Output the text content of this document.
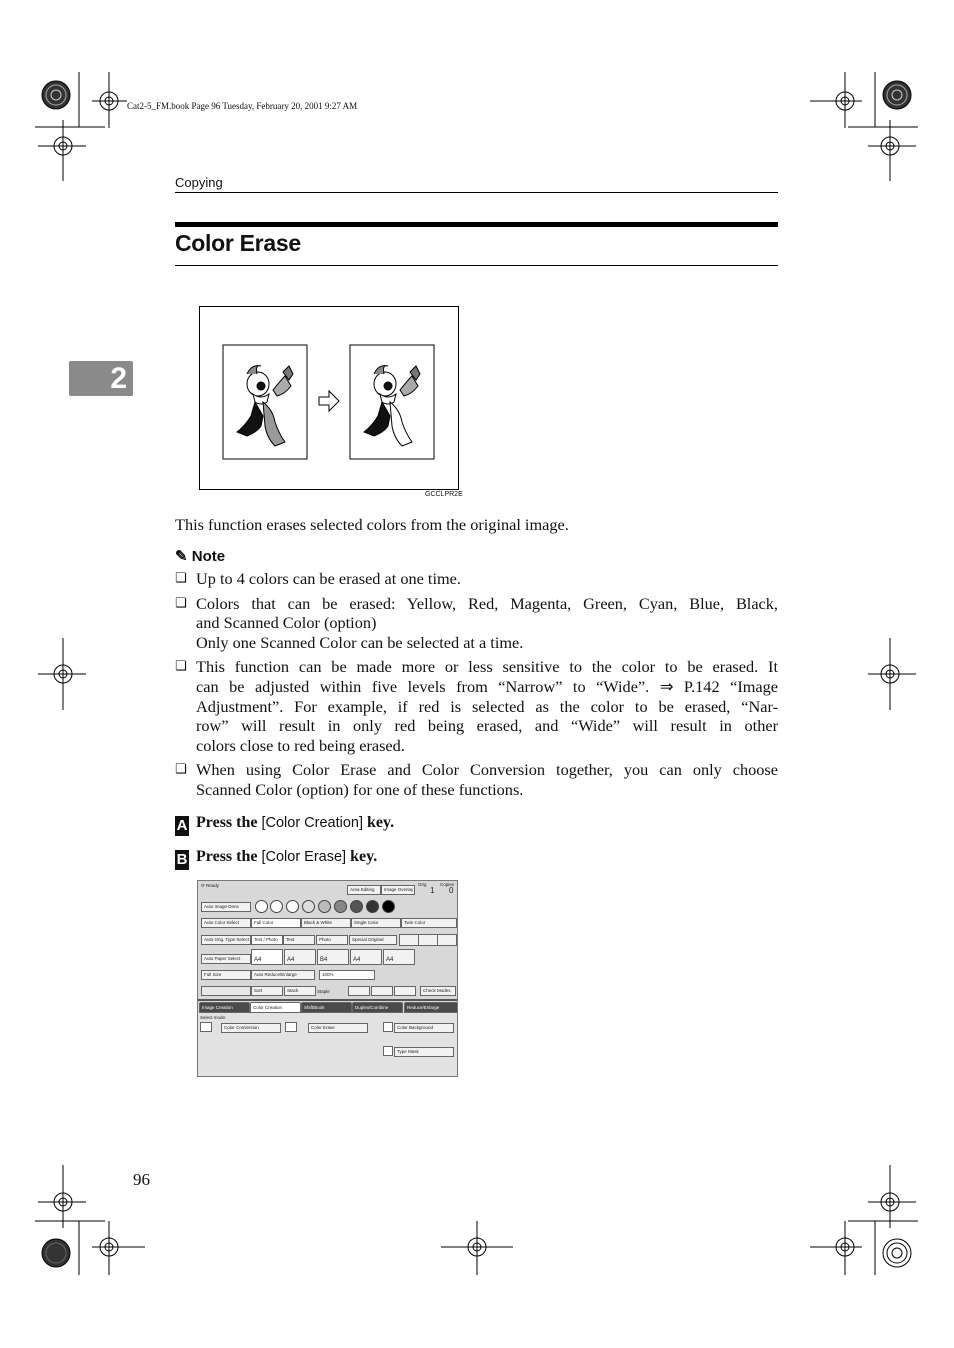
Cat2-5_FM.book Page 96 Tuesday, February 20, 2001 9:27 AM
Copying
Color Erase
2
GCCLPR2E
This function erases selected colors from the original image.
✎ Note
❏ Up to 4 colors can be erased at one time.
❏ Colors that can be erased: Yellow, Red, Magenta, Green, Cyan, Blue, Black,
and Scanned Color (option)
Only one Scanned Color can be selected at a time.
❏ This function can be made more or less sensitive to the color to be erased. It
can be adjusted within five levels from “Narrow” to “Wide”. ⇒ P.142 “Image
Adjustment”. For example, if red is selected as the color to be erased, “Nar-
row” will result in only red being erased, and “Wide” will result in other
colors close to red being erased.
❏ When using Color Erase and Color Conversion together, you can only choose
Scanned Color (option) for one of these functions.
A Press the [Color Creation] key.
B Press the [Color Erase] key.
⟳ Ready
Area Editing	Image Overlay
Orig
1
Copies
0
Auto Image Dens
Auto Color Select	Full Color	Black & White	Single Color	Twin Color
Auto Orig. Type Select	Text / Photo	Text	Photo	Special Original
Auto Paper Select	A4	A4	B4	A4	A4
Full Size	Auto Reduce/Enlarge	100%
Sort	Stack	Staple	Check Modes
Image Creation	Color Creation	Shift/Book	Duplex/Combine	Reduce/Enlarge
Select mode:
Color Conversion	Color Erase	Color Background
Type Mask
96
